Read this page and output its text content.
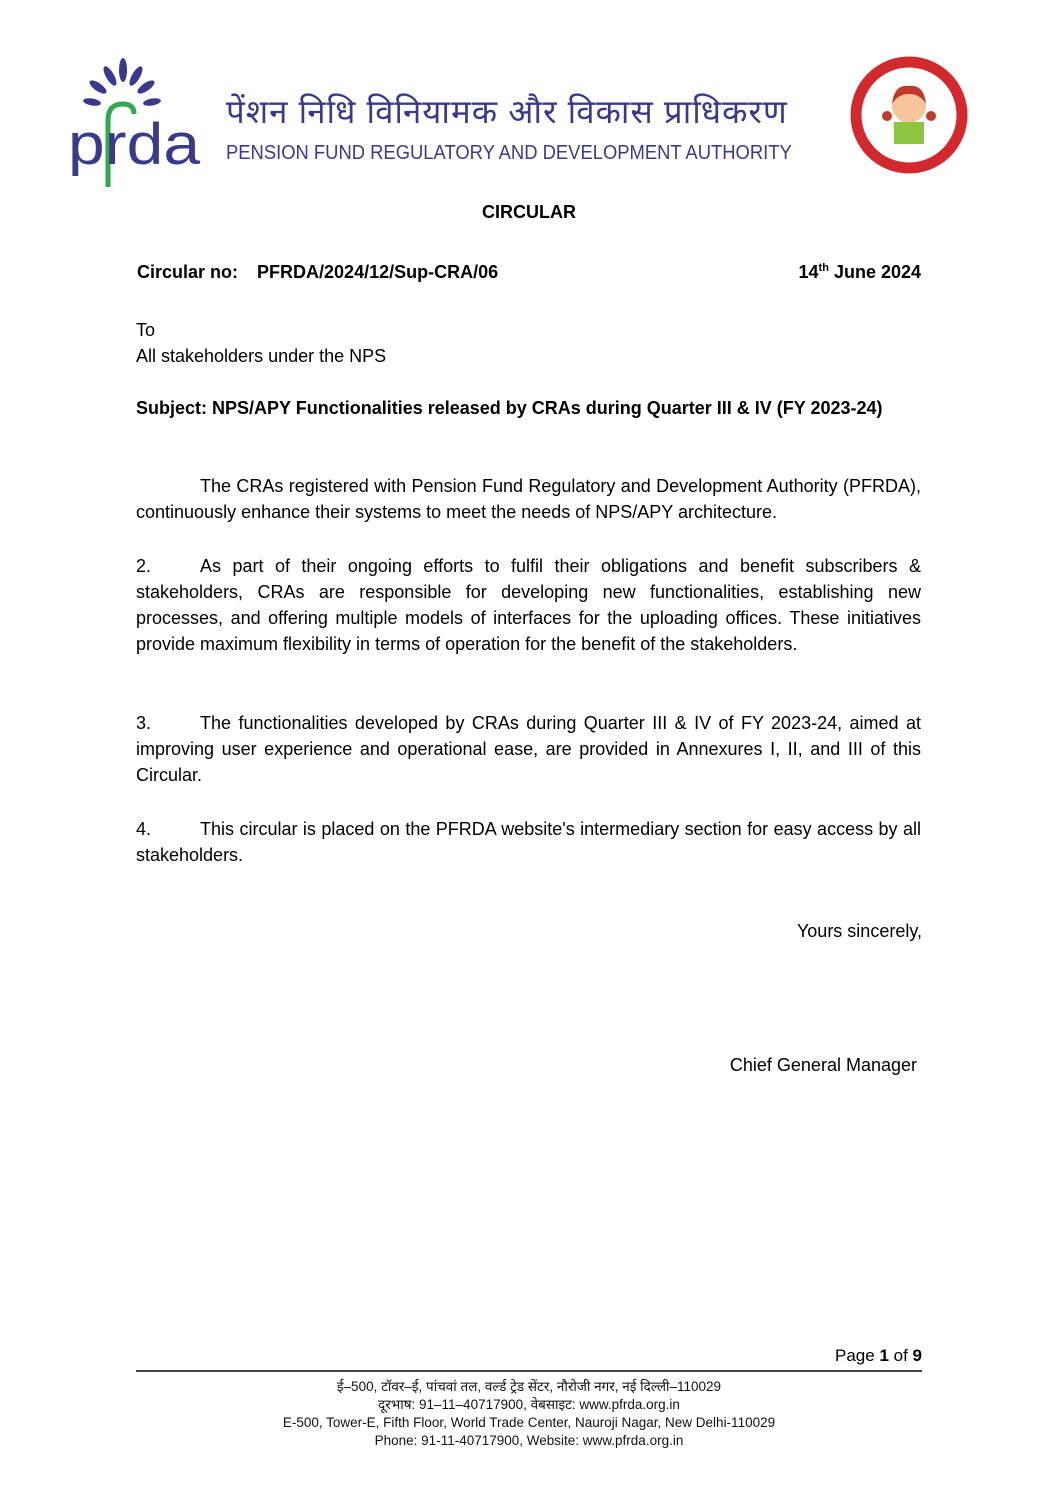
prda
पेंशन निधि विनियामक और विकास प्राधिकरण
PENSION FUND REGULATORY AND DEVELOPMENT AUTHORITY
CIRCULAR
Circular no: PFRDA/2024/12/Sup-CRA/06	14th June 2024
To
All stakeholders under the NPS
Subject: NPS/APY Functionalities released by CRAs during Quarter III & IV (FY 2023-24)
The CRAs registered with Pension Fund Regulatory and Development Authority (PFRDA), continuously enhance their systems to meet the needs of NPS/APY architecture.
2.	As part of their ongoing efforts to fulfil their obligations and benefit subscribers & stakeholders, CRAs are responsible for developing new functionalities, establishing new processes, and offering multiple models of interfaces for the uploading offices. These initiatives provide maximum flexibility in terms of operation for the benefit of the stakeholders.
3.	The functionalities developed by CRAs during Quarter III & IV of FY 2023-24, aimed at improving user experience and operational ease, are provided in Annexures I, II, and III of this Circular.
4.	This circular is placed on the PFRDA website's intermediary section for easy access by all stakeholders.
Yours sincerely,
Chief General Manager

Page 1 of 9

ई–500, टॉवर–ई, पांचवां तल, वर्ल्ड ट्रेड सेंटर, नौरोजी नगर, नई दिल्ली–110029
दूरभाष: 91–11–40717900, वेबसाइट: www.pfrda.org.in
E-500, Tower-E, Fifth Floor, World Trade Center, Nauroji Nagar, New Delhi-110029
Phone: 91-11-40717900, Website: www.pfrda.org.in
